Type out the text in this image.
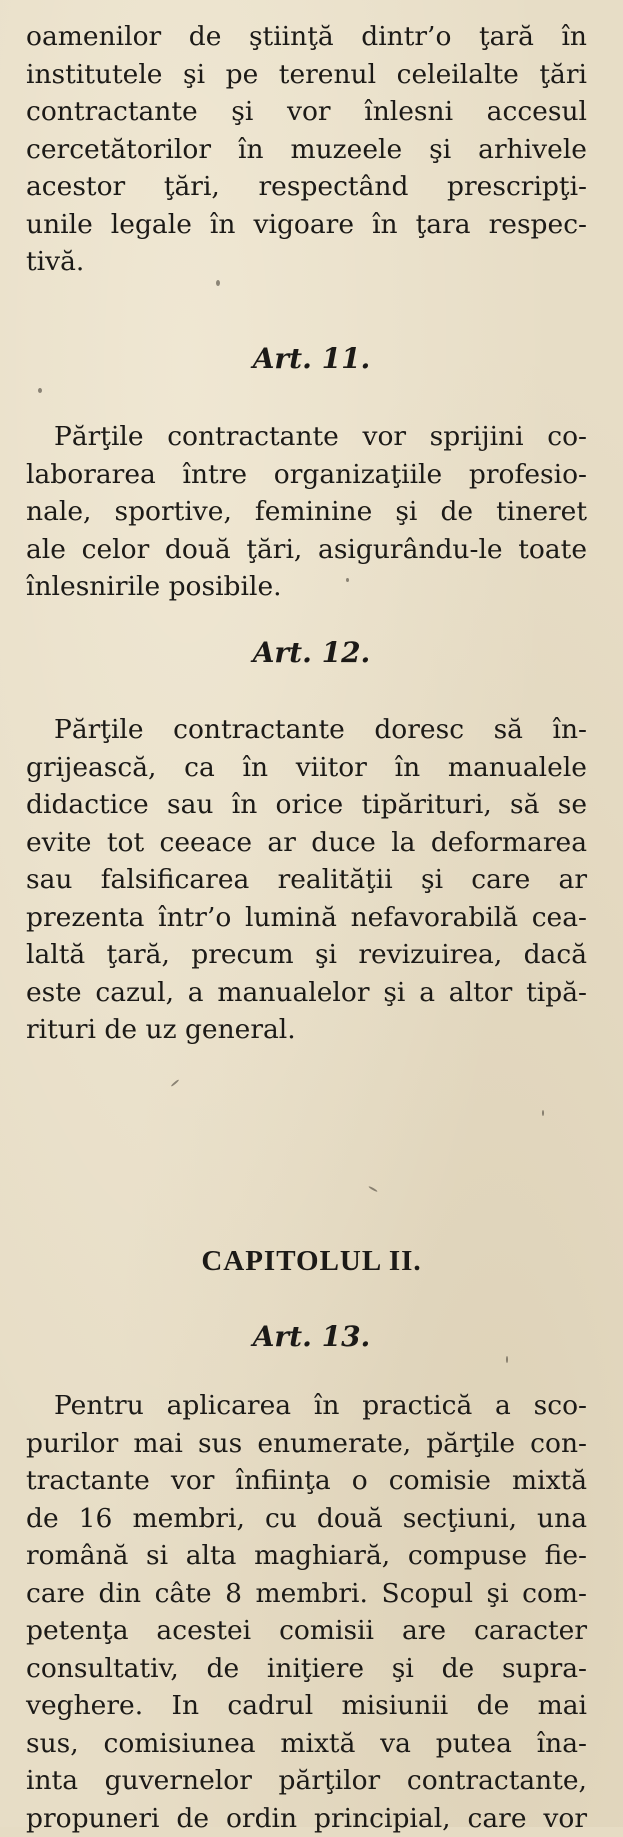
oamenilor de ştiinţă dintr’o ţară în
institutele şi pe terenul celeilalte ţări
contractante şi vor înlesni accesul
cercetătorilor în muzeele şi arhivele
acestor ţări, respectând prescripţi-
unile legale în vigoare în ţara respec-
tivă.
Art. 11.
Părţile contractante vor sprijini co-
laborarea între organizaţiile profesio-
nale, sportive, feminine şi de tineret
ale celor două ţări, asigurându-le toate
înlesnirile posibile.
Art. 12.
Părţile contractante doresc să în-
grijească, ca în viitor în manualele
didactice sau în orice tipărituri, să se
evite tot ceeace ar duce la deformarea
sau falsificarea realităţii şi care ar
prezenta într’o lumină nefavorabilă cea-
laltă ţară, precum şi revizuirea, dacă
este cazul, a manualelor şi a altor tipă-
rituri de uz general.
CAPITOLUL II.
Art. 13.
Pentru aplicarea în practică a sco-
purilor mai sus enumerate, părţile con-
tractante vor înfiinţa o comisie mixtă
de 16 membri, cu două secţiuni, una
română si alta maghiară, compuse fie-
care din câte 8 membri. Scopul şi com-
petenţa acestei comisii are caracter
consultativ, de iniţiere şi de supra-
veghere. In cadrul misiunii de mai
sus, comisiunea mixtă va putea îna-
inta guvernelor părţilor contractante,
propuneri de ordin principial, care vor
